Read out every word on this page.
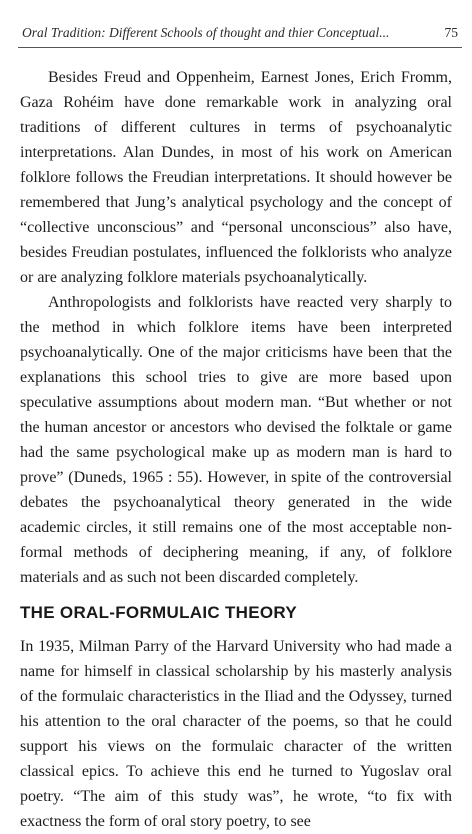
Oral Tradition: Different Schools of thought and thier Conceptual...	75

Besides Freud and Oppenheim, Earnest Jones, Erich Fromm, Gaza Rohéim have done remarkable work in analyzing oral traditions of different cultures in terms of psychoanalytic interpretations. Alan Dundes, in most of his work on American folklore follows the Freudian interpretations. It should however be remembered that Jung’s analytical psychology and the concept of “collective unconscious” and “personal unconscious” also have, besides Freudian postulates, influenced the folklorists who analyze or are analyzing folklore materials psychoanalytically.

Anthropologists and folklorists have reacted very sharply to the method in which folklore items have been interpreted psychoanalytically. One of the major criticisms have been that the explanations this school tries to give are more based upon speculative assumptions about modern man. “But whether or not the human ancestor or ancestors who devised the folktale or game had the same psychological make up as modern man is hard to prove” (Duneds, 1965 : 55). However, in spite of the controversial debates the psychoanalytical theory generated in the wide academic circles, it still remains one of the most acceptable non-formal methods of deciphering meaning, if any, of folklore materials and as such not been discarded completely.

THE ORAL-FORMULAIC THEORY

In 1935, Milman Parry of the Harvard University who had made a name for himself in classical scholarship by his masterly analysis of the formulaic characteristics in the Iliad and the Odyssey, turned his attention to the oral character of the poems, so that he could support his views on the formulaic character of the written classical epics. To achieve this end he turned to Yugoslav oral poetry. “The aim of this study was”, he wrote, “to fix with exactness the form of oral story poetry, to see
